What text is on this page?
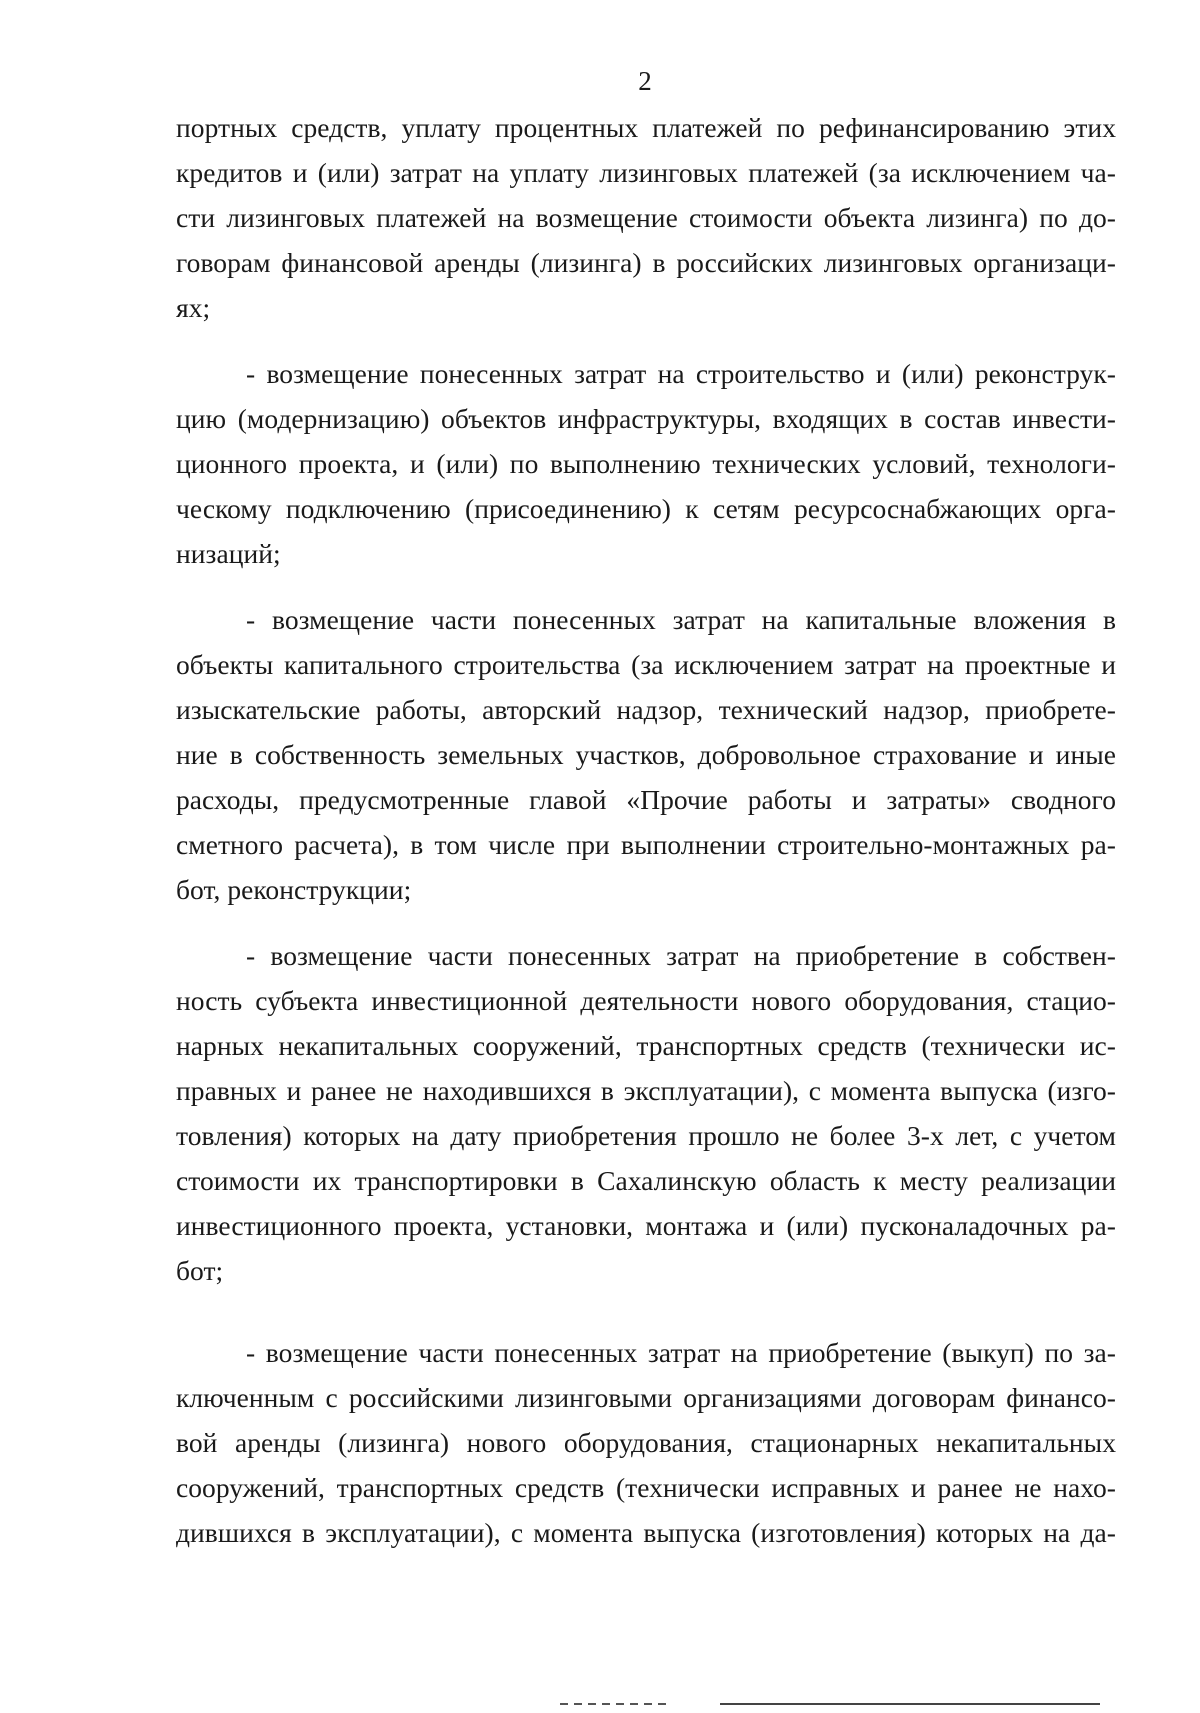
2
портных средств, уплату процентных платежей по рефинансированию этих
кредитов и (или) затрат на уплату лизинговых платежей (за исключением ча-
сти лизинговых платежей на возмещение стоимости объекта лизинга) по до-
говорам финансовой аренды (лизинга) в российских лизинговых организаци-
ях;
- возмещение понесенных затрат на строительство и (или) реконструк-
цию (модернизацию) объектов инфраструктуры, входящих в состав инвести-
ционного проекта, и (или) по выполнению технических условий, технологи-
ческому подключению (присоединению) к сетям ресурсоснабжающих орга-
низаций;
- возмещение части понесенных затрат на капитальные вложения в
объекты капитального строительства (за исключением затрат на проектные и
изыскательские работы, авторский надзор, технический надзор, приобрете-
ние в собственность земельных участков, добровольное страхование и иные
расходы, предусмотренные главой «Прочие работы и затраты» сводного
сметного расчета), в том числе при выполнении строительно-монтажных ра-
бот, реконструкции;
- возмещение части понесенных затрат на приобретение в собствен-
ность субъекта инвестиционной деятельности нового оборудования, стацио-
нарных некапитальных сооружений, транспортных средств (технически ис-
правных и ранее не находившихся в эксплуатации), с момента выпуска (изго-
товления) которых на дату приобретения прошло не более 3-х лет, с учетом
стоимости их транспортировки в Сахалинскую область к месту реализации
инвестиционного проекта, установки, монтажа и (или) пусконаладочных ра-
бот;
- возмещение части понесенных затрат на приобретение (выкуп) по за-
ключенным с российскими лизинговыми организациями договорам финансо-
вой аренды (лизинга) нового оборудования, стационарных некапитальных
сооружений, транспортных средств (технически исправных и ранее не нахо-
дившихся в эксплуатации), с момента выпуска (изготовления) которых на да-
